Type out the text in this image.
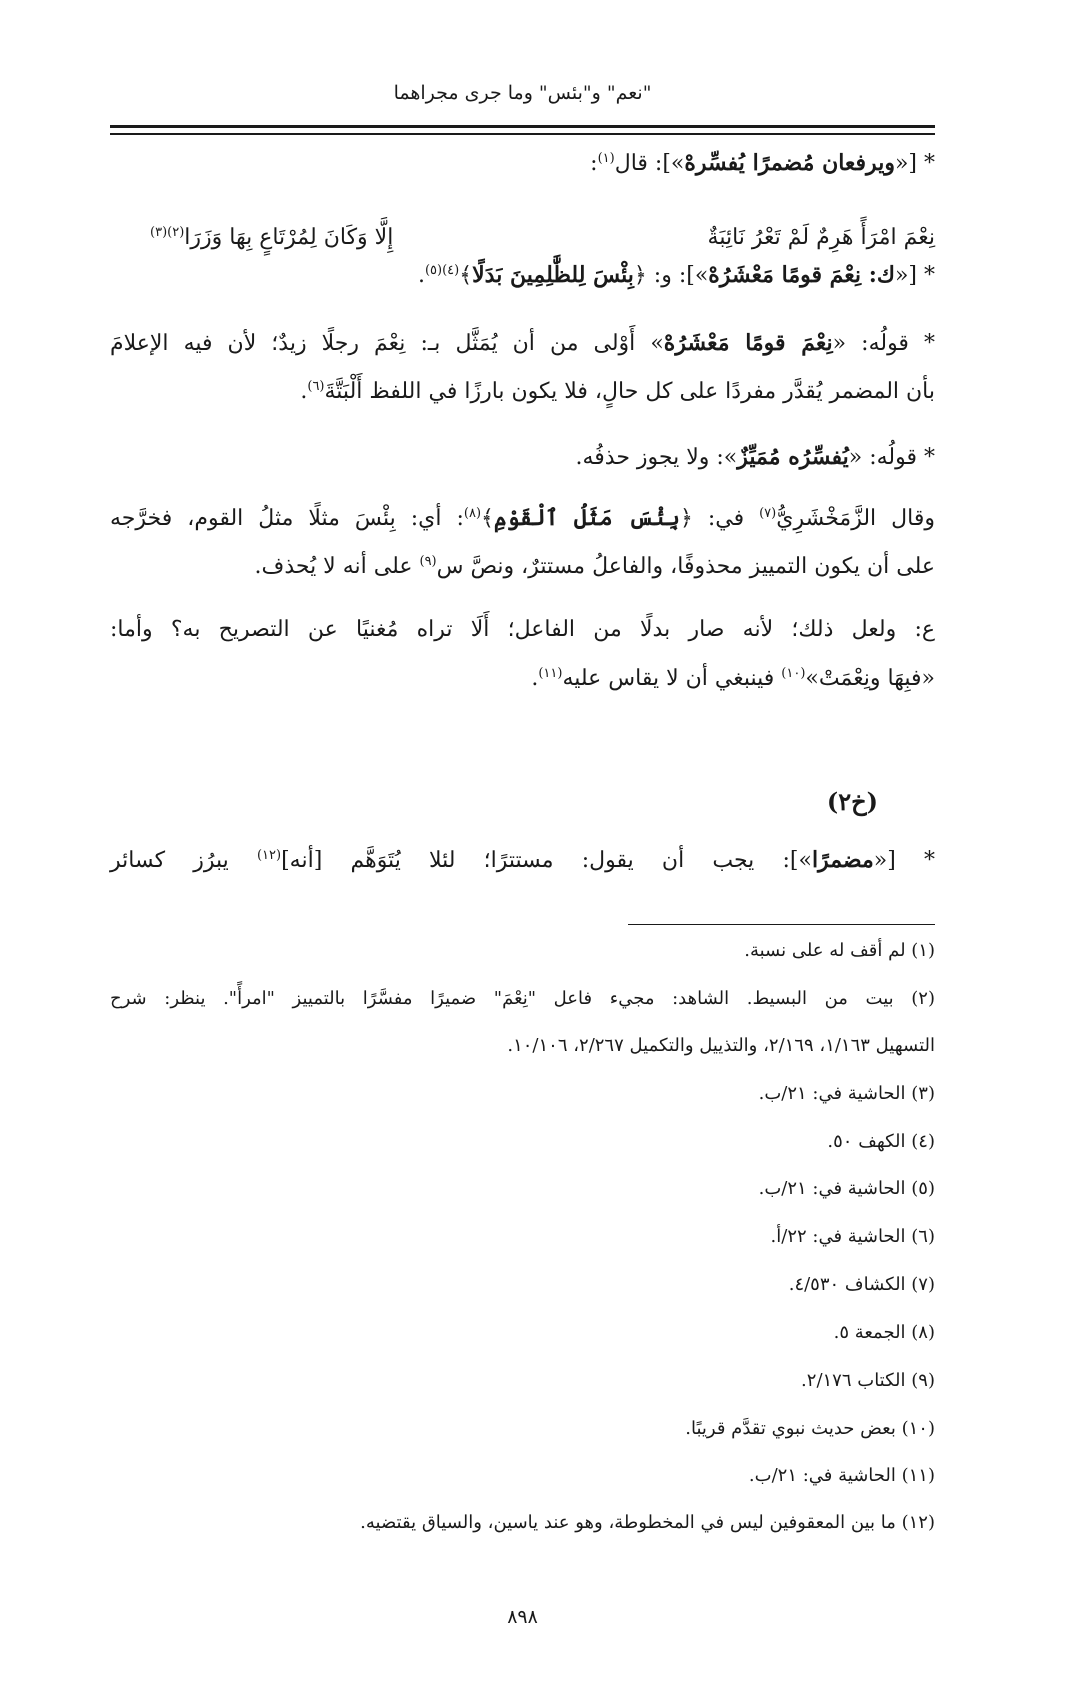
"نعم" و"بئس" وما جرى مجراهما
* [«ويرفعان مُضمرًا يُفسِّرهْ»]: قال$^{(١)}$:
نِعْمَ امْرَأً هَرِمٌ لَمْ تَعْرُ نَائِبَةٌ
إِلَّا وَكَانَ لِمُرْتَاعٍ بِهَا وَزَرَا$^{(٢)(٣)}$
* [«ك: نِعْمَ قومًا مَعْشَرُهْ»]: و: ﴿بِئْسَ لِلظَّٰلِمِينَ بَدَلًا﴾$^{(٤)(٥)}$.
* قولُه: «نِعْمَ قومًا مَعْشَرُهْ» أَوْلى من أن يُمَثَّل بـ: نِعْمَ رجلًا زيدٌ؛ لأن فيه الإعلامَ
بأن المضمر يُقدَّر مفردًا على كل حالٍ، فلا يكون بارزًا في اللفظ أَلْبَتَّةَ$^{(٦)}$.
* قولُه: «يُفسِّرُه مُمَيِّزٌ»: ولا يجوز حذفُه.
وقال الزَّمَخْشَرِيُّ$^{(٧)}$ في: ﴿بِئْسَ مَثَلُ ٱلْقَوْمِ﴾$^{(٨)}$: أي: بِئْسَ مثلًا مثلُ القوم، فخرَّجه
على أن يكون التمييز محذوفًا، والفاعلُ مستترٌ، ونصَّ س$^{(٩)}$ على أنه لا يُحذف.
ع: ولعل ذلك؛ لأنه صار بدلًا من الفاعل؛ أَلَا تراه مُغنيًا عن التصريح به؟ وأما:
«فبِهَا ونِعْمَتْ»$^{(١٠)}$ فينبغي أن لا يقاس عليه$^{(١١)}$.
(خ٢)
* [«مضمرًا»]: يجب أن يقول: مستترًا؛ لئلا يُتَوَهَّم [أنه]$^{(١٢)}$ يبرُز كسائر
(١) لم أقف له على نسبة.
(٢) بيت من البسيط. الشاهد: مجيء فاعل "نِعْمَ" ضميرًا مفسَّرًا بالتمييز "امرأً". ينظر: شرح
التسهيل ١/١٦٣، ٢/١٦٩، والتذييل والتكميل ٢/٢٦٧، ١٠/١٠٦.
(٣) الحاشية في: ٢١/ب.
(٤) الكهف ٥٠.
(٥) الحاشية في: ٢١/ب.
(٦) الحاشية في: ٢٢/أ.
(٧) الكشاف ٤/٥٣٠.
(٨) الجمعة ٥.
(٩) الكتاب ٢/١٧٦.
(١٠) بعض حديث نبوي تقدَّم قريبًا.
(١١) الحاشية في: ٢١/ب.
(١٢) ما بين المعقوفين ليس في المخطوطة، وهو عند ياسين، والسياق يقتضيه.
٨٩٨
